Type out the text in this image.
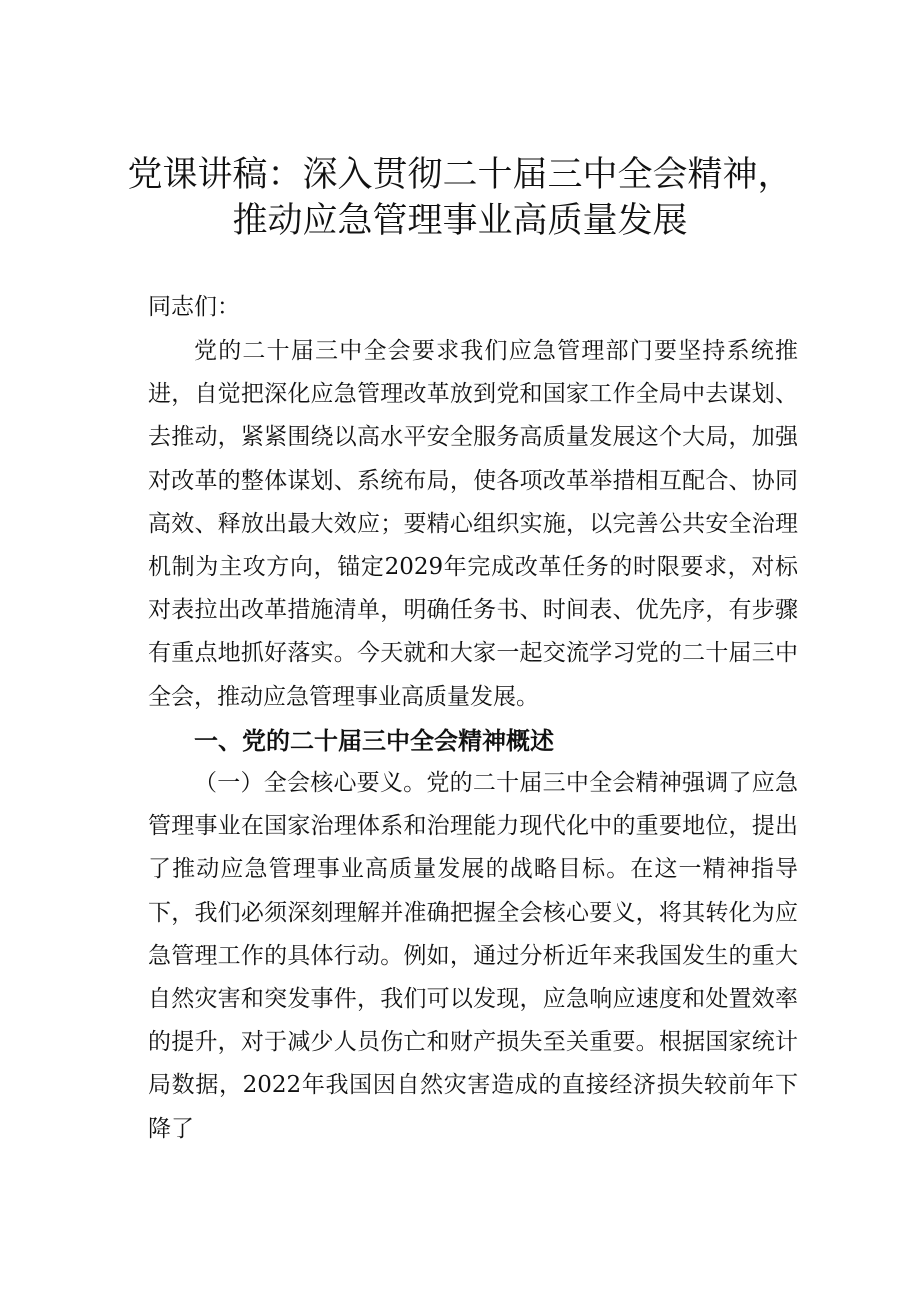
党课讲稿：深入贯彻二十届三中全会精神，
推动应急管理事业高质量发展
同志们：

党的二十届三中全会要求我们应急管理部门要坚持系统推进，自觉把深化应急管理改革放到党和国家工作全局中去谋划、去推动，紧紧围绕以高水平安全服务高质量发展这个大局，加强对改革的整体谋划、系统布局，使各项改革举措相互配合、协同高效、释放出最大效应；要精心组织实施，以完善公共安全治理机制为主攻方向，锚定2029年完成改革任务的时限要求，对标对表拉出改革措施清单，明确任务书、时间表、优先序，有步骤有重点地抓好落实。今天就和大家一起交流学习党的二十届三中全会，推动应急管理事业高质量发展。

一、党的二十届三中全会精神概述

（一）全会核心要义。党的二十届三中全会精神强调了应急管理事业在国家治理体系和治理能力现代化中的重要地位，提出了推动应急管理事业高质量发展的战略目标。在这一精神指导下，我们必须深刻理解并准确把握全会核心要义，将其转化为应急管理工作的具体行动。例如，通过分析近年来我国发生的重大自然灾害和突发事件，我们可以发现，应急响应速度和处置效率的提升，对于减少人员伤亡和财产损失至关重要。根据国家统计局数据，2022年我国因自然灾害造成的直接经济损失较前年下降了
